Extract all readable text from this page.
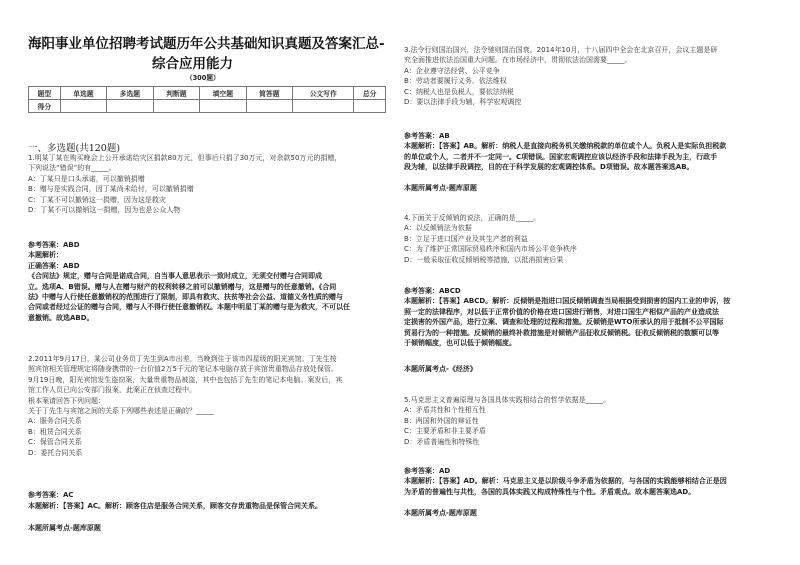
海阳事业单位招聘考试题历年公共基础知识真题及答案汇总-
综合应用能力
（300题）
题型	单选题	多选题	判断题	填空题	简答题	公文写作	总分
得分							
一、多选题(共120题)
1.明某丁某在购买晚会上公开承诺给灾区捐款80万元，但事后只捐了30万元，对余款50万元的捐赠，
下列说法“错误”的有_____。
A：丁某只是口头承诺，可以撤销捐赠
B：赠与是实践合同，因丁某尚未给付，可以撤销捐赠
C：丁某不可以撤销这一捐赠，因为这是救灾
D：丁某不可以撤销这一捐赠，因为也是公众人物
参考答案：ABD
本题解析：
正确答案：ABD
《合同法》规定，赠与合同是诺成合同，自当事人意思表示一致时成立，无须交付赠与合同即成
立。选项A、B错误。赠与人在赠与财产的权利转移之前可以撤销赠与，这是赠与的任意撤销。《合同
法》中赠与人行使任意撤销权的范围进行了限制，即具有救灾、扶贫等社会公益、道德义务性质的赠与
合同或者经过公证的赠与合同，赠与人不得行使任意撤销权。本题中明星丁某的赠与是为救灾，不可以任
意撤销。故选ABD。
2.2011年9月17日，某公司业务员丁先生到A市出差，当晚到住于该市四星级的阳光宾馆。丁先生按
照宾馆相关管理规定将随身携带的一台价值2万5千元的笔记本电脑存放于宾馆贵重物品存放处保管。
9月19日晚，阳光宾馆发生盗窃案，大量贵重物品被盗，其中也包括丁先生的笔记本电脑。案发后，宾
馆工作人员已向公安部门报案，此案正在侦查过程中。
根本案请回答下列问题：
关于丁先生与宾馆之间的关系下列哪些表述是正确的？_____
A：服务合同关系
B：租赁合同关系
C：保管合同关系
D：委托合同关系
参考答案：AC
本题解析：【答案】AC。解析：顾客住店是服务合同关系，顾客交存贵重物品是保管合同关系。
本题所属考点-题库原题
3.法令行则国治国兴，法令驰则国治国衰。2014年10月，十八届四中全会在北京召开，会议主题是研
究全面推进依法治国重大问题。在市场经济中，贯彻依法治国需要_____。
A：企业遵守法经营、公平竞争
B：劳动者要履行义务、依法维权
C：纳税人也是负税人，要依法纳税
D：要以法律手段为辅，科学宏观调控
参考答案：AB
本题解析：【答案】AB。解析：纳税人是直接向税务机关缴纳税款的单位或个人。负税人是实际负担税款
的单位或个人，二者并不一定同一。C项错误。国家宏观调控应该以经济手段和法律手段为主，行政手
段为辅，以法律手段调控，目的在于科学发展的宏观调控体系。D项错误。故本题答案选AB。
本题所属考点-题库原题
4.下面关于反倾销的说法，正确的是_____。
A：以反倾销法为依据
B：立足于进口国产业及其生产者的利益
C：为了维护正常国际贸易秩序和国内市场公平竞争秩序
D：一般采取征收反倾销税等措施，以抵消损害后果
参考答案：ABCD
本题解析：【答案】ABCD。解析：反倾销是指进口国反倾销调查当局根据受到损害的国内工业的申诉，按
照一定的法律程序，对以低于正常价值的价格在进口国进行销售，对进口国生产相似产品的产业造成法
定损害的外国产品，进行立案、调查和处理的过程和措施。反倾销是WTO所承认的用于抵制不公平国际
贸易行为的一种措施。反倾销的最终补救措施是对倾销产品征收反倾销税。征收反倾销税的数额可以等
于倾销幅度，也可以低于倾销幅度。
本题所属考点-《经济》
5.马克思主义普遍原理与各国具体实践相结合的哲学依据是_____。
A：矛盾共性和个性相互性
B：两国和外国的辩证性
C：主要矛盾和非主要矛盾
D：矛盾普遍性和特殊性
参考答案：AD
本题解析：【答案】AD。解析：马克思主义是以阶级斗争矛盾为依据的，与各国的实践能够相结合正是因
为矛盾的普遍性与共性，各国的具体实践又构成特殊性与个性。矛盾观点。故本题答案选AD。
本题所属考点-题库原题
